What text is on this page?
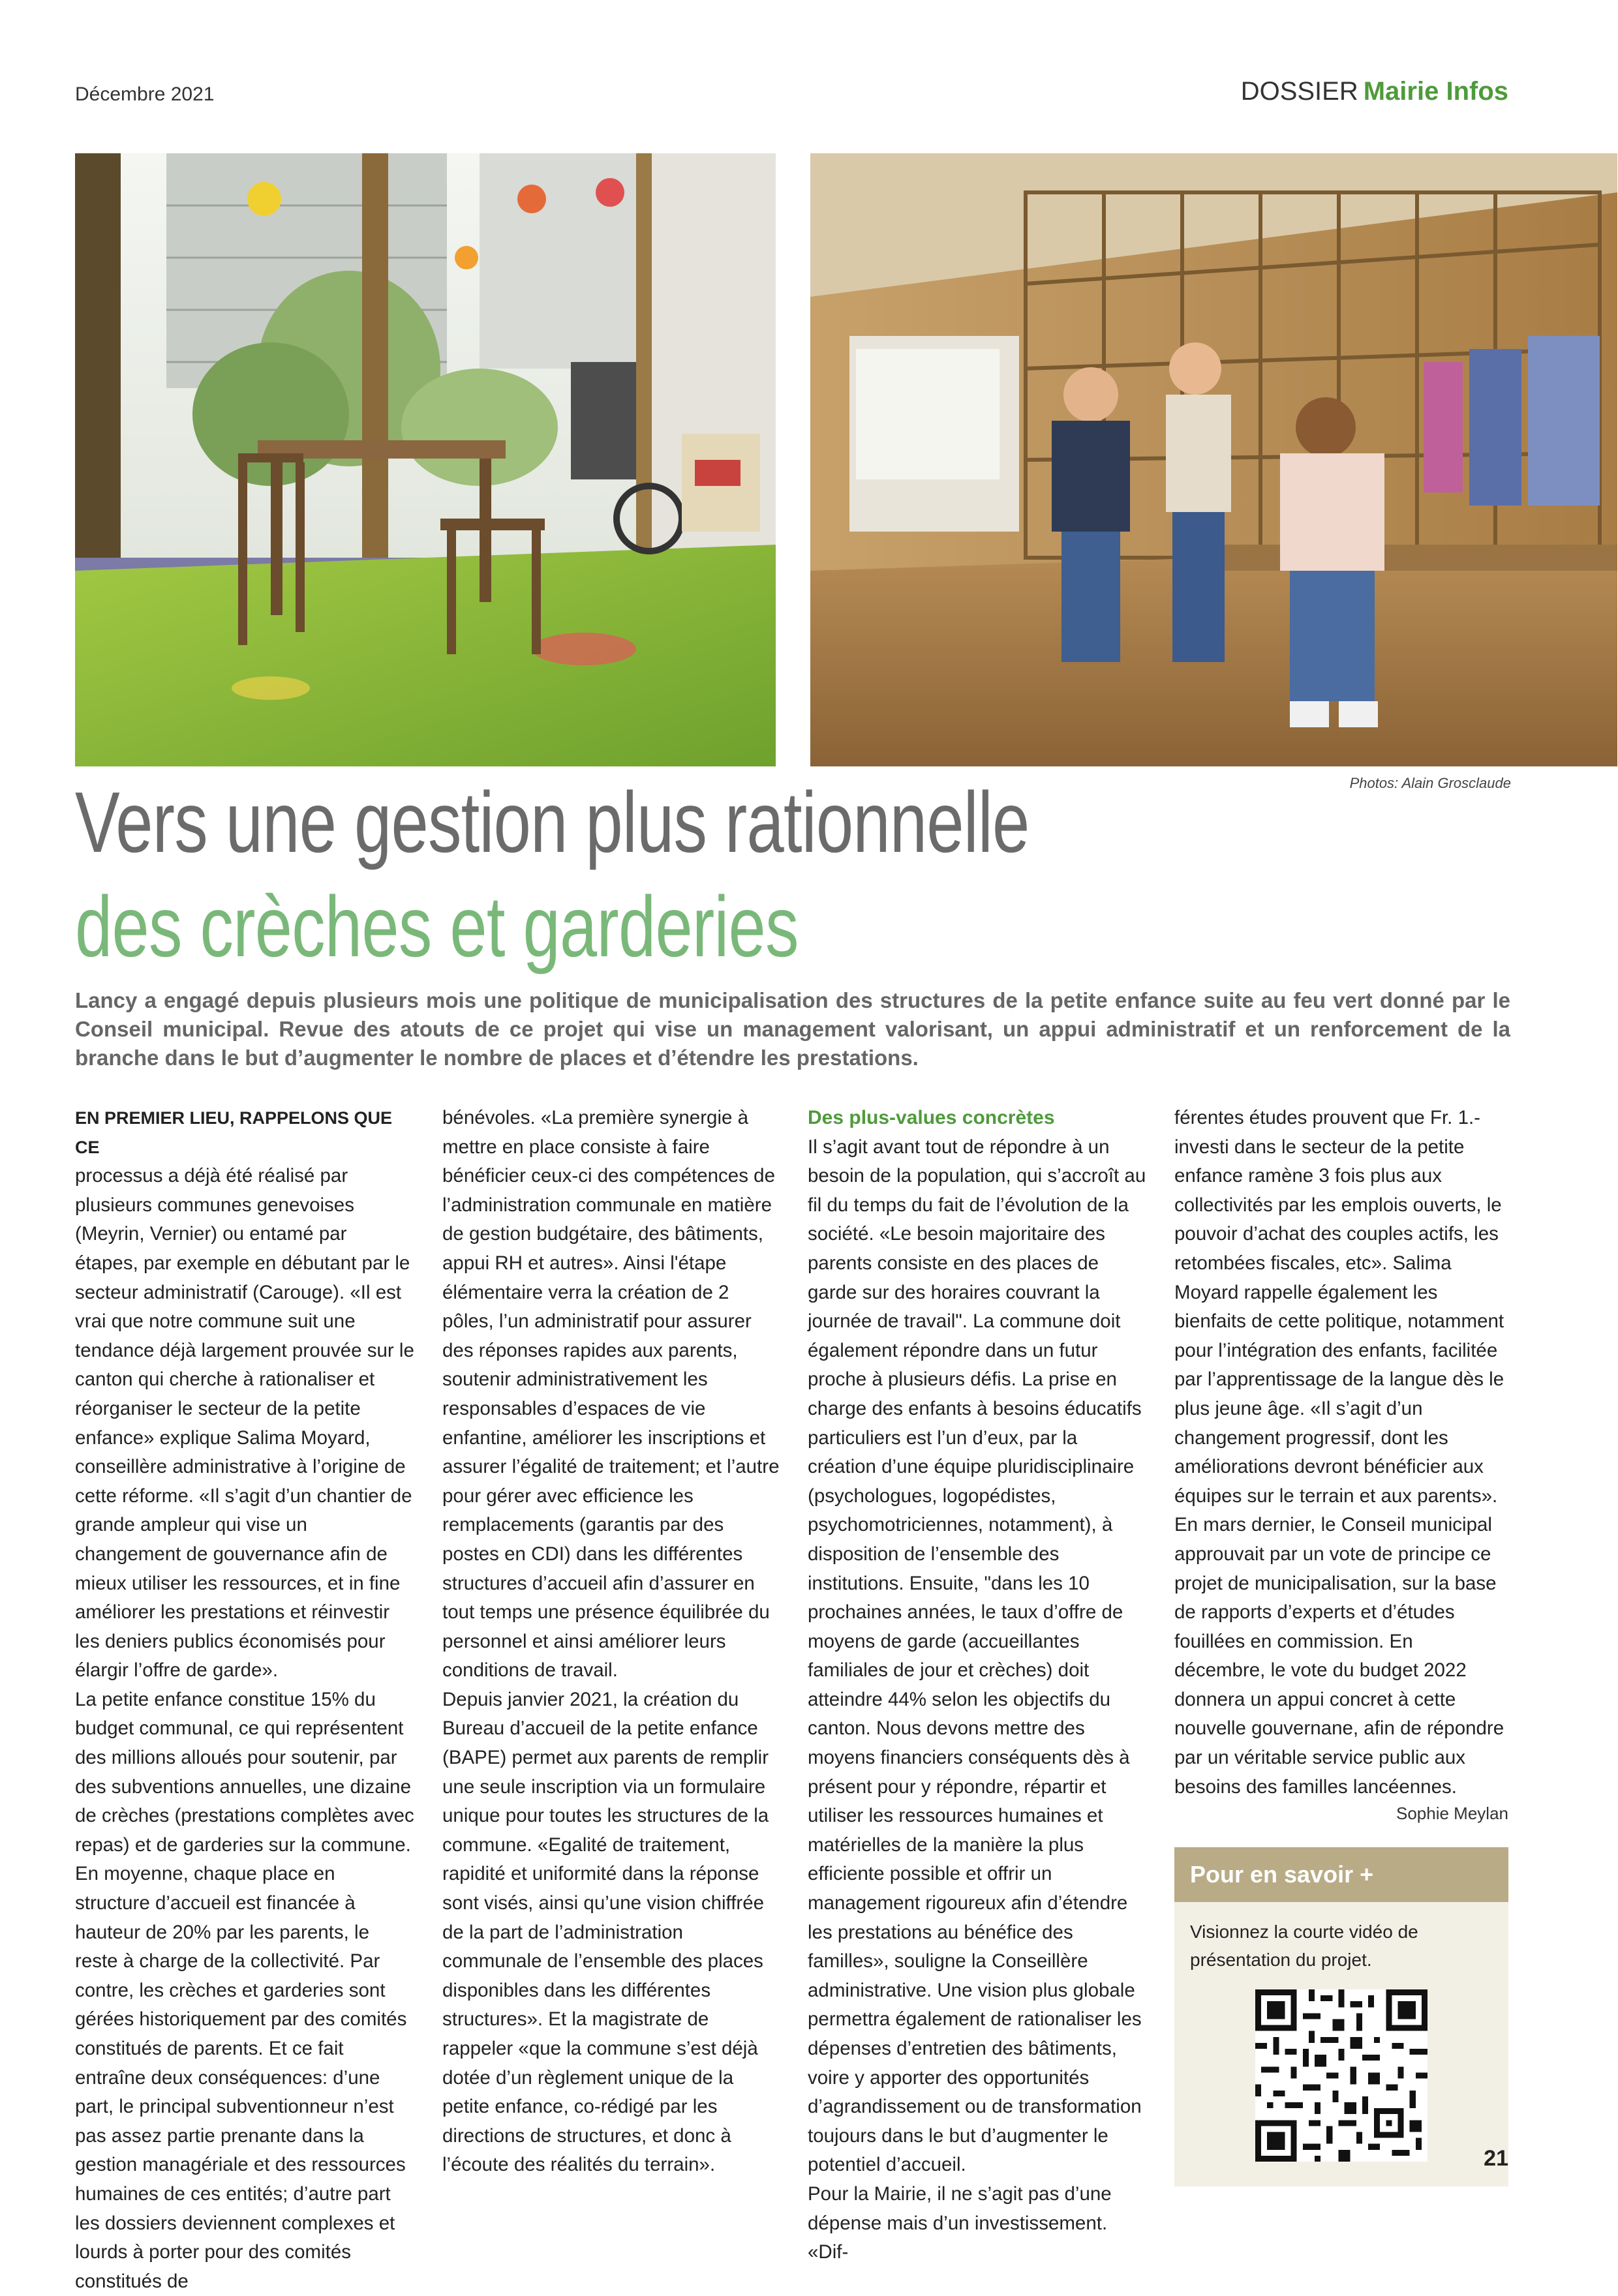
Décembre 2021	DOSSIER Mairie Infos
Photos: Alain Grosclaude
Vers une gestion plus rationnelle
des crèches et garderies
Lancy a engagé depuis plusieurs mois une politique de municipalisation des structures de la petite enfance suite au feu vert donné par le Conseil municipal. Revue des atouts de ce projet qui vise un management valorisant, un appui administratif et un renforcement de la branche dans le but d’augmenter le nombre de places et d’étendre les prestations.

EN PREMIER LIEU, RAPPELONS QUE CE

processus a déjà été réalisé par plusieurs communes genevoises (Meyrin, Vernier) ou entamé par étapes, par exemple en débutant par le secteur administratif (Carouge). «Il est vrai que notre commune suit une tendance déjà largement prouvée sur le canton qui cherche à rationaliser et réorganiser le secteur de la petite enfance» explique Salima Moyard, conseillère administrative à l’origine de cette réforme. «Il s’agit d’un chantier de grande ampleur qui vise un changement de gouvernance afin de mieux utiliser les ressources, et in fine améliorer les prestations et réinvestir les deniers publics économisés pour élargir l’offre de garde».

La petite enfance constitue 15% du budget communal, ce qui représentent des millions alloués pour soutenir, par des subventions annuelles, une dizaine de crèches (prestations complètes avec repas) et de garderies sur la commune. En moyenne, chaque place en structure d’accueil est financée à hauteur de 20% par les parents, le reste à charge de la collectivité. Par contre, les crèches et garderies sont gérées historiquement par des comités constitués de parents. Et ce fait entraîne deux conséquences: d’une part, le principal subventionneur n’est pas assez partie prenante dans la gestion managériale et des ressources humaines de ces entités; d’autre part les dossiers deviennent complexes et lourds à porter pour des comités constitués de

bénévoles. «La première synergie à mettre en place consiste à faire bénéficier ceux-ci des compétences de l’administration communale en matière de gestion budgétaire, des bâtiments, appui RH et autres». Ainsi l'étape élémentaire verra la création de 2 pôles, l’un administratif pour assurer des réponses rapides aux parents, soutenir administrativement les responsables d’espaces de vie enfantine, améliorer les inscriptions et assurer l’égalité de traitement; et l’autre pour gérer avec efficience les remplacements (garantis par des postes en CDI) dans les différentes structures d’accueil afin d’assurer en tout temps une présence équilibrée du personnel et ainsi améliorer leurs conditions de travail.

Depuis janvier 2021, la création du Bureau d’accueil de la petite enfance (BAPE) permet aux parents de remplir une seule inscription via un formulaire unique pour toutes les structures de la commune. «Egalité de traitement, rapidité et uniformité dans la réponse sont visés, ainsi qu’une vision chiffrée de la part de l’administration communale de l’ensemble des places disponibles dans les différentes structures». Et la magistrate de rappeler «que la commune s’est déjà dotée d’un règlement unique de la petite enfance, co-rédigé par les directions de structures, et donc à l’écoute des réalités du terrain».

Des plus-values concrètes

Il s’agit avant tout de répondre à un besoin de la population, qui s’accroît au fil du temps du fait de l’évolution de la société. «Le besoin majoritaire des parents consiste en des places de garde sur des horaires couvrant la journée de travail". La commune doit également répondre dans un futur proche à plusieurs défis. La prise en charge des enfants à besoins éducatifs particuliers est l’un d’eux, par la création d’une équipe pluridisciplinaire (psychologues, logopédistes, psychomotriciennes, notamment), à disposition de l’ensemble des institutions. Ensuite, "dans les 10 prochaines années, le taux d’offre de moyens de garde (accueillantes familiales de jour et crèches) doit atteindre 44% selon les objectifs du canton. Nous devons mettre des moyens financiers conséquents dès à présent pour y répondre, répartir et utiliser les ressources humaines et matérielles de la manière la plus efficiente possible et offrir un management rigoureux afin d’étendre les prestations au bénéfice des familles», souligne la Conseillère administrative. Une vision plus globale permettra également de rationaliser les dépenses d’entretien des bâtiments, voire y apporter des opportunités d’agrandissement ou de transformation toujours dans le but d’augmenter le potentiel d’accueil.

Pour la Mairie, il ne s’agit pas d’une dépense mais d’un investissement. «Dif-

férentes études prouvent que Fr. 1.- investi dans le secteur de la petite enfance ramène 3 fois plus aux collectivités par les emplois ouverts, le pouvoir d’achat des couples actifs, les retombées fiscales, etc». Salima Moyard rappelle également les bienfaits de cette politique, notamment pour l’intégration des enfants, facilitée par l’apprentissage de la langue dès le plus jeune âge. «Il s’agit d’un changement progressif, dont les améliorations devront bénéficier aux équipes sur le terrain et aux parents». En mars dernier, le Conseil municipal approuvait par un vote de principe ce projet de municipalisation, sur la base de rapports d’experts et d’études fouillées en commission. En décembre, le vote du budget 2022 donnera un appui concret à cette nouvelle gouvernane, afin de répondre par un véritable service public aux besoins des familles lancéennes.

Sophie Meylan
Pour en savoir +
Visionnez la courte vidéo de présentation du projet.
21
